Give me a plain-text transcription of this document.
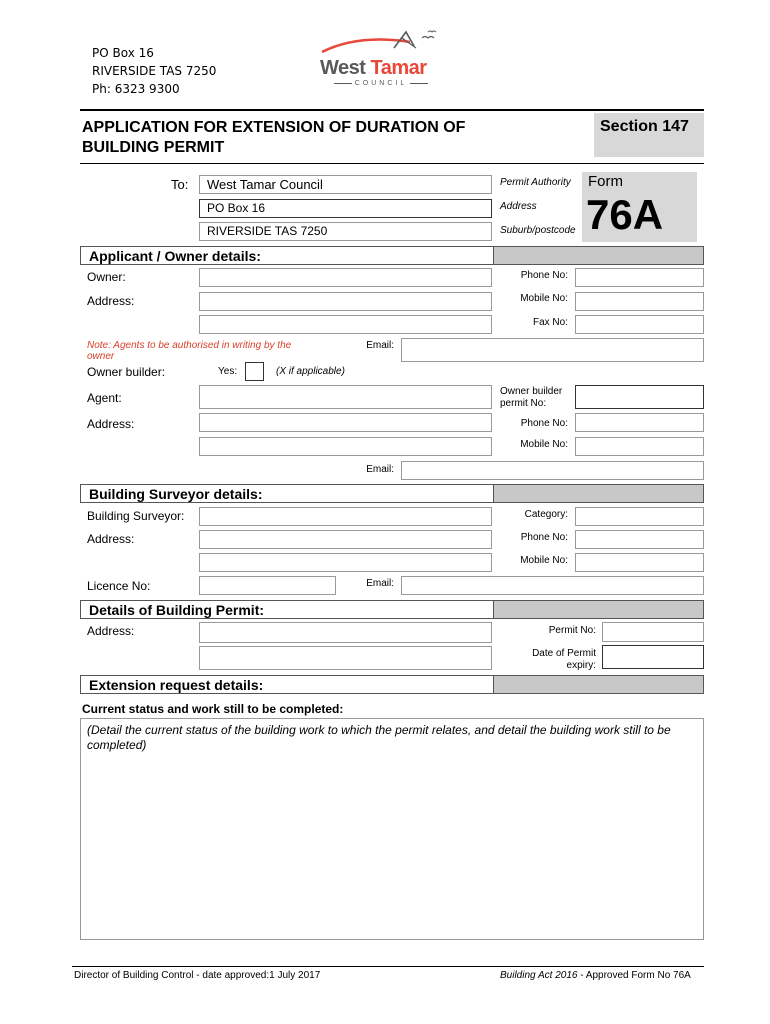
PO Box 16
RIVERSIDE TAS 7250
Ph: 6323 9300
West Tamar
COUNCIL
APPLICATION FOR EXTENSION OF DURATION OF
BUILDING PERMIT
Section 147
To: West Tamar Council
PO Box 16
RIVERSIDE TAS 7250
Permit Authority
Address
Suburb/postcode
Form
76A
Applicant / Owner details:
Owner:	Phone No:
Address:	Mobile No:
Fax No:
Note: Agents to be authorised in writing by the owner
Email:
Owner builder:	Yes:	(X if applicable)
Agent:	Owner builder
permit No:
Address:	Phone No:
Mobile No:
Email:
Building Surveyor details:
Building Surveyor:	Category:
Address:	Phone No:
Mobile No:
Licence No:	Email:
Details of Building Permit:
Address:	Permit No:
Date of Permit
expiry:
Extension request details:
Current status and work still to be completed:
(Detail the current status of the building work to which the permit relates, and detail the building work still to be completed)
Director of Building Control - date approved:1 July 2017	Building Act 2016 - Approved Form No 76A
